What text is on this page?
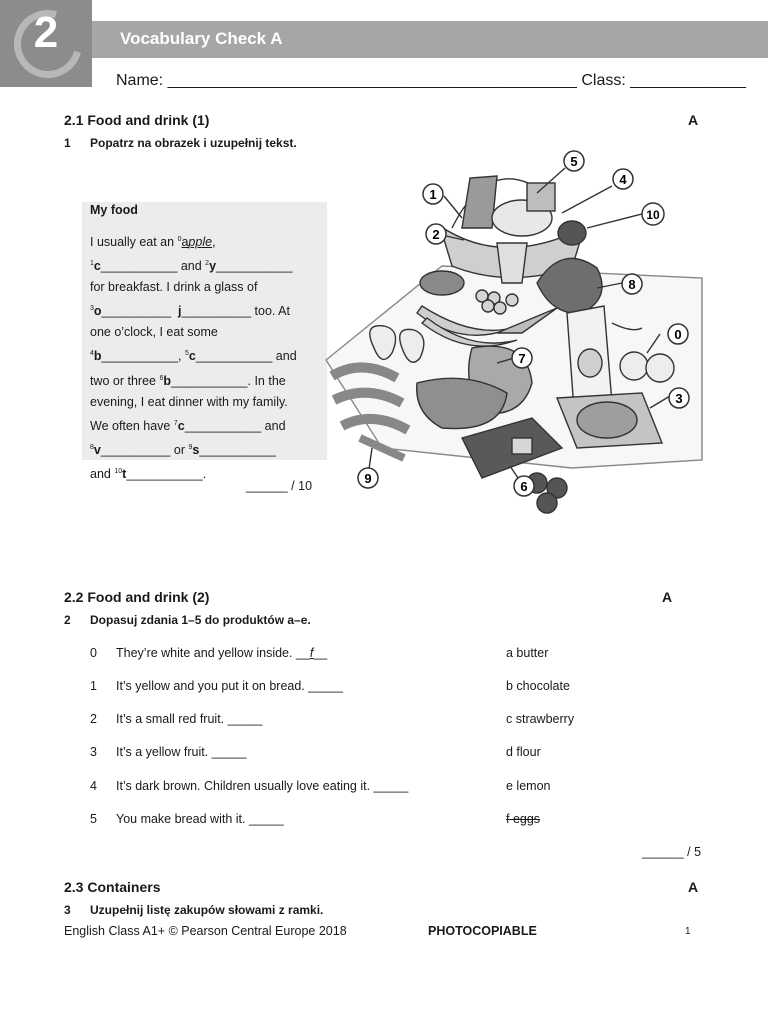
2	Vocabulary Check A
Name: ______________________________________________ Class: _____________
2.1 Food and drink (1)	A
1 Popatrz na obrazek i uzupełnij tekst.
My food
I usually eat an $^0$apple,
$^1$c___________ and $^2$y___________
for breakfast. I drink a glass of
$^3$o__________ j__________ too. At
one o’clock, I eat some
$^4$b___________, $^5$c___________ and
two or three $^6$b___________. In the
evening, I eat dinner with my family.
We often have $^7$c___________ and
$^8$v__________ or $^9$s___________
and $^{10}$t___________.
______ / 10
0
1
2
3
4
5
6
7
8
9
10
2.2 Food and drink (2)	A
2 Dopasuj zdania 1–5 do produktów a–e.
0 They’re white and yellow inside. __f__
1 It’s yellow and you put it on bread. _____
2 It’s a small red fruit. _____
3 It’s a yellow fruit. _____
4 It’s dark brown. Children usually love eating it. _____
5 You make bread with it. _____
a butter
b chocolate
c strawberry
d flour
e lemon
f eggs
______ / 5
2.3 Containers	A
3 Uzupełnij listę zakupów słowami z ramki.
English Class A1+ © Pearson Central Europe 2018	PHOTOCOPIABLE	1
